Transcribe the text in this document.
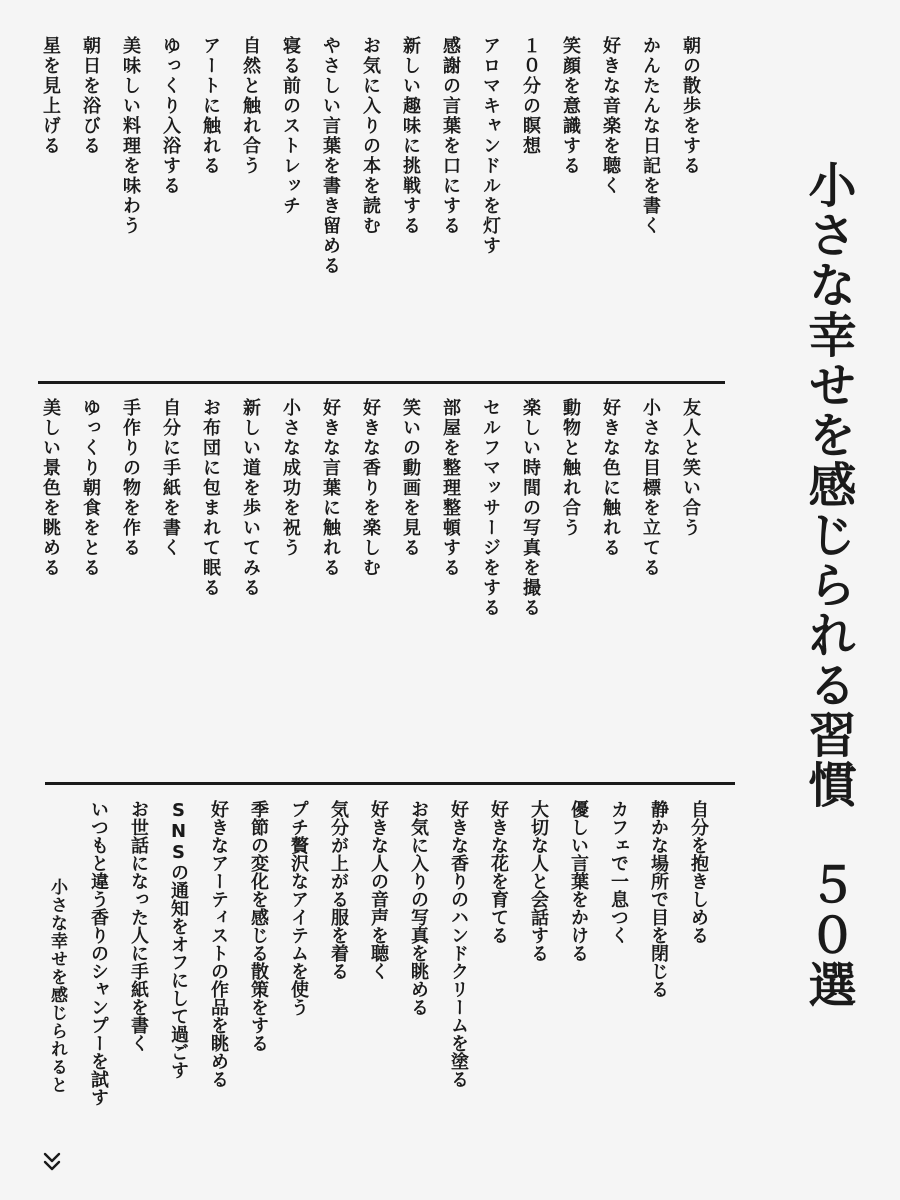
小さな幸せを感じられる習慣　５０選
朝の散歩をする
かんたんな日記を書く
好きな音楽を聴く
笑顔を意識する
１０分の瞑想
アロマキャンドルを灯す
感謝の言葉を口にする
新しい趣味に挑戦する
お気に入りの本を読む
やさしい言葉を書き留める
寝る前のストレッチ
自然と触れ合う
アートに触れる
ゆっくり入浴する
美味しい料理を味わう
朝日を浴びる
星を見上げる
友人と笑い合う
小さな目標を立てる
好きな色に触れる
動物と触れ合う
楽しい時間の写真を撮る
セルフマッサージをする
部屋を整理整頓する
笑いの動画を見る
好きな香りを楽しむ
好きな言葉に触れる
小さな成功を祝う
新しい道を歩いてみる
お布団に包まれて眠る
自分に手紙を書く
手作りの物を作る
ゆっくり朝食をとる
美しい景色を眺める
自分を抱きしめる
静かな場所で目を閉じる
カフェで一息つく
優しい言葉をかける
大切な人と会話する
好きな花を育てる
好きな香りのハンドクリームを塗る
お気に入りの写真を眺める
好きな人の音声を聴く
気分が上がる服を着る
プチ贅沢なアイテムを使う
季節の変化を感じる散策をする
好きなアーティストの作品を眺める
SNSの通知をオフにして過ごす
お世話になった人に手紙を書く
いつもと違う香りのシャンプーを試す
小さな幸せを感じられると
